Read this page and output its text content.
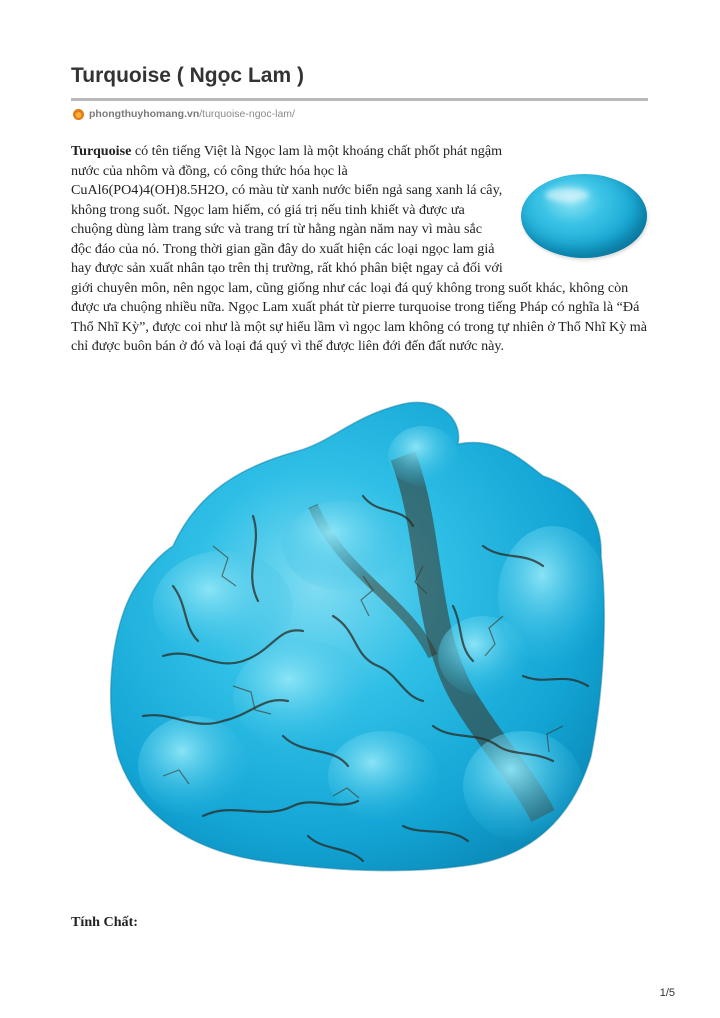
Turquoise ( Ngọc Lam )
phongthuyhomang.vn /turquoise-ngoc-lam/

Turquoise có tên tiếng Việt là Ngọc lam là một khoáng chất phốt phát ngậm nước của nhôm và đồng, có công thức hóa học là CuAl6(PO4)4(OH)8.5H2O, có màu từ xanh nước biển ngả sang xanh lá cây, không trong suốt. Ngọc lam hiếm, có giá trị nếu tinh khiết và được ưa chuộng dùng làm trang sức và trang trí từ hằng ngàn năm nay vì màu sắc độc đáo của nó. Trong thời gian gần đây do xuất hiện các loại ngọc lam giả hay được sản xuất nhân tạo trên thị trường, rất khó phân biệt ngay cả đối với giới chuyên môn, nên ngọc lam, cũng giống như các loại đá quý không trong suốt khác, không còn được ưa chuộng nhiều nữa. Ngọc Lam xuất phát từ pierre turquoise trong tiếng Pháp có nghĩa là “Đá Thổ Nhĩ Kỳ”, được coi như là một sự hiểu lầm vì ngọc lam không có trong tự nhiên ở Thổ Nhĩ Kỳ mà chỉ được buôn bán ở đó và loại đá quý vì thế được liên đới đến đất nước này.

Tính Chất:
1/5
